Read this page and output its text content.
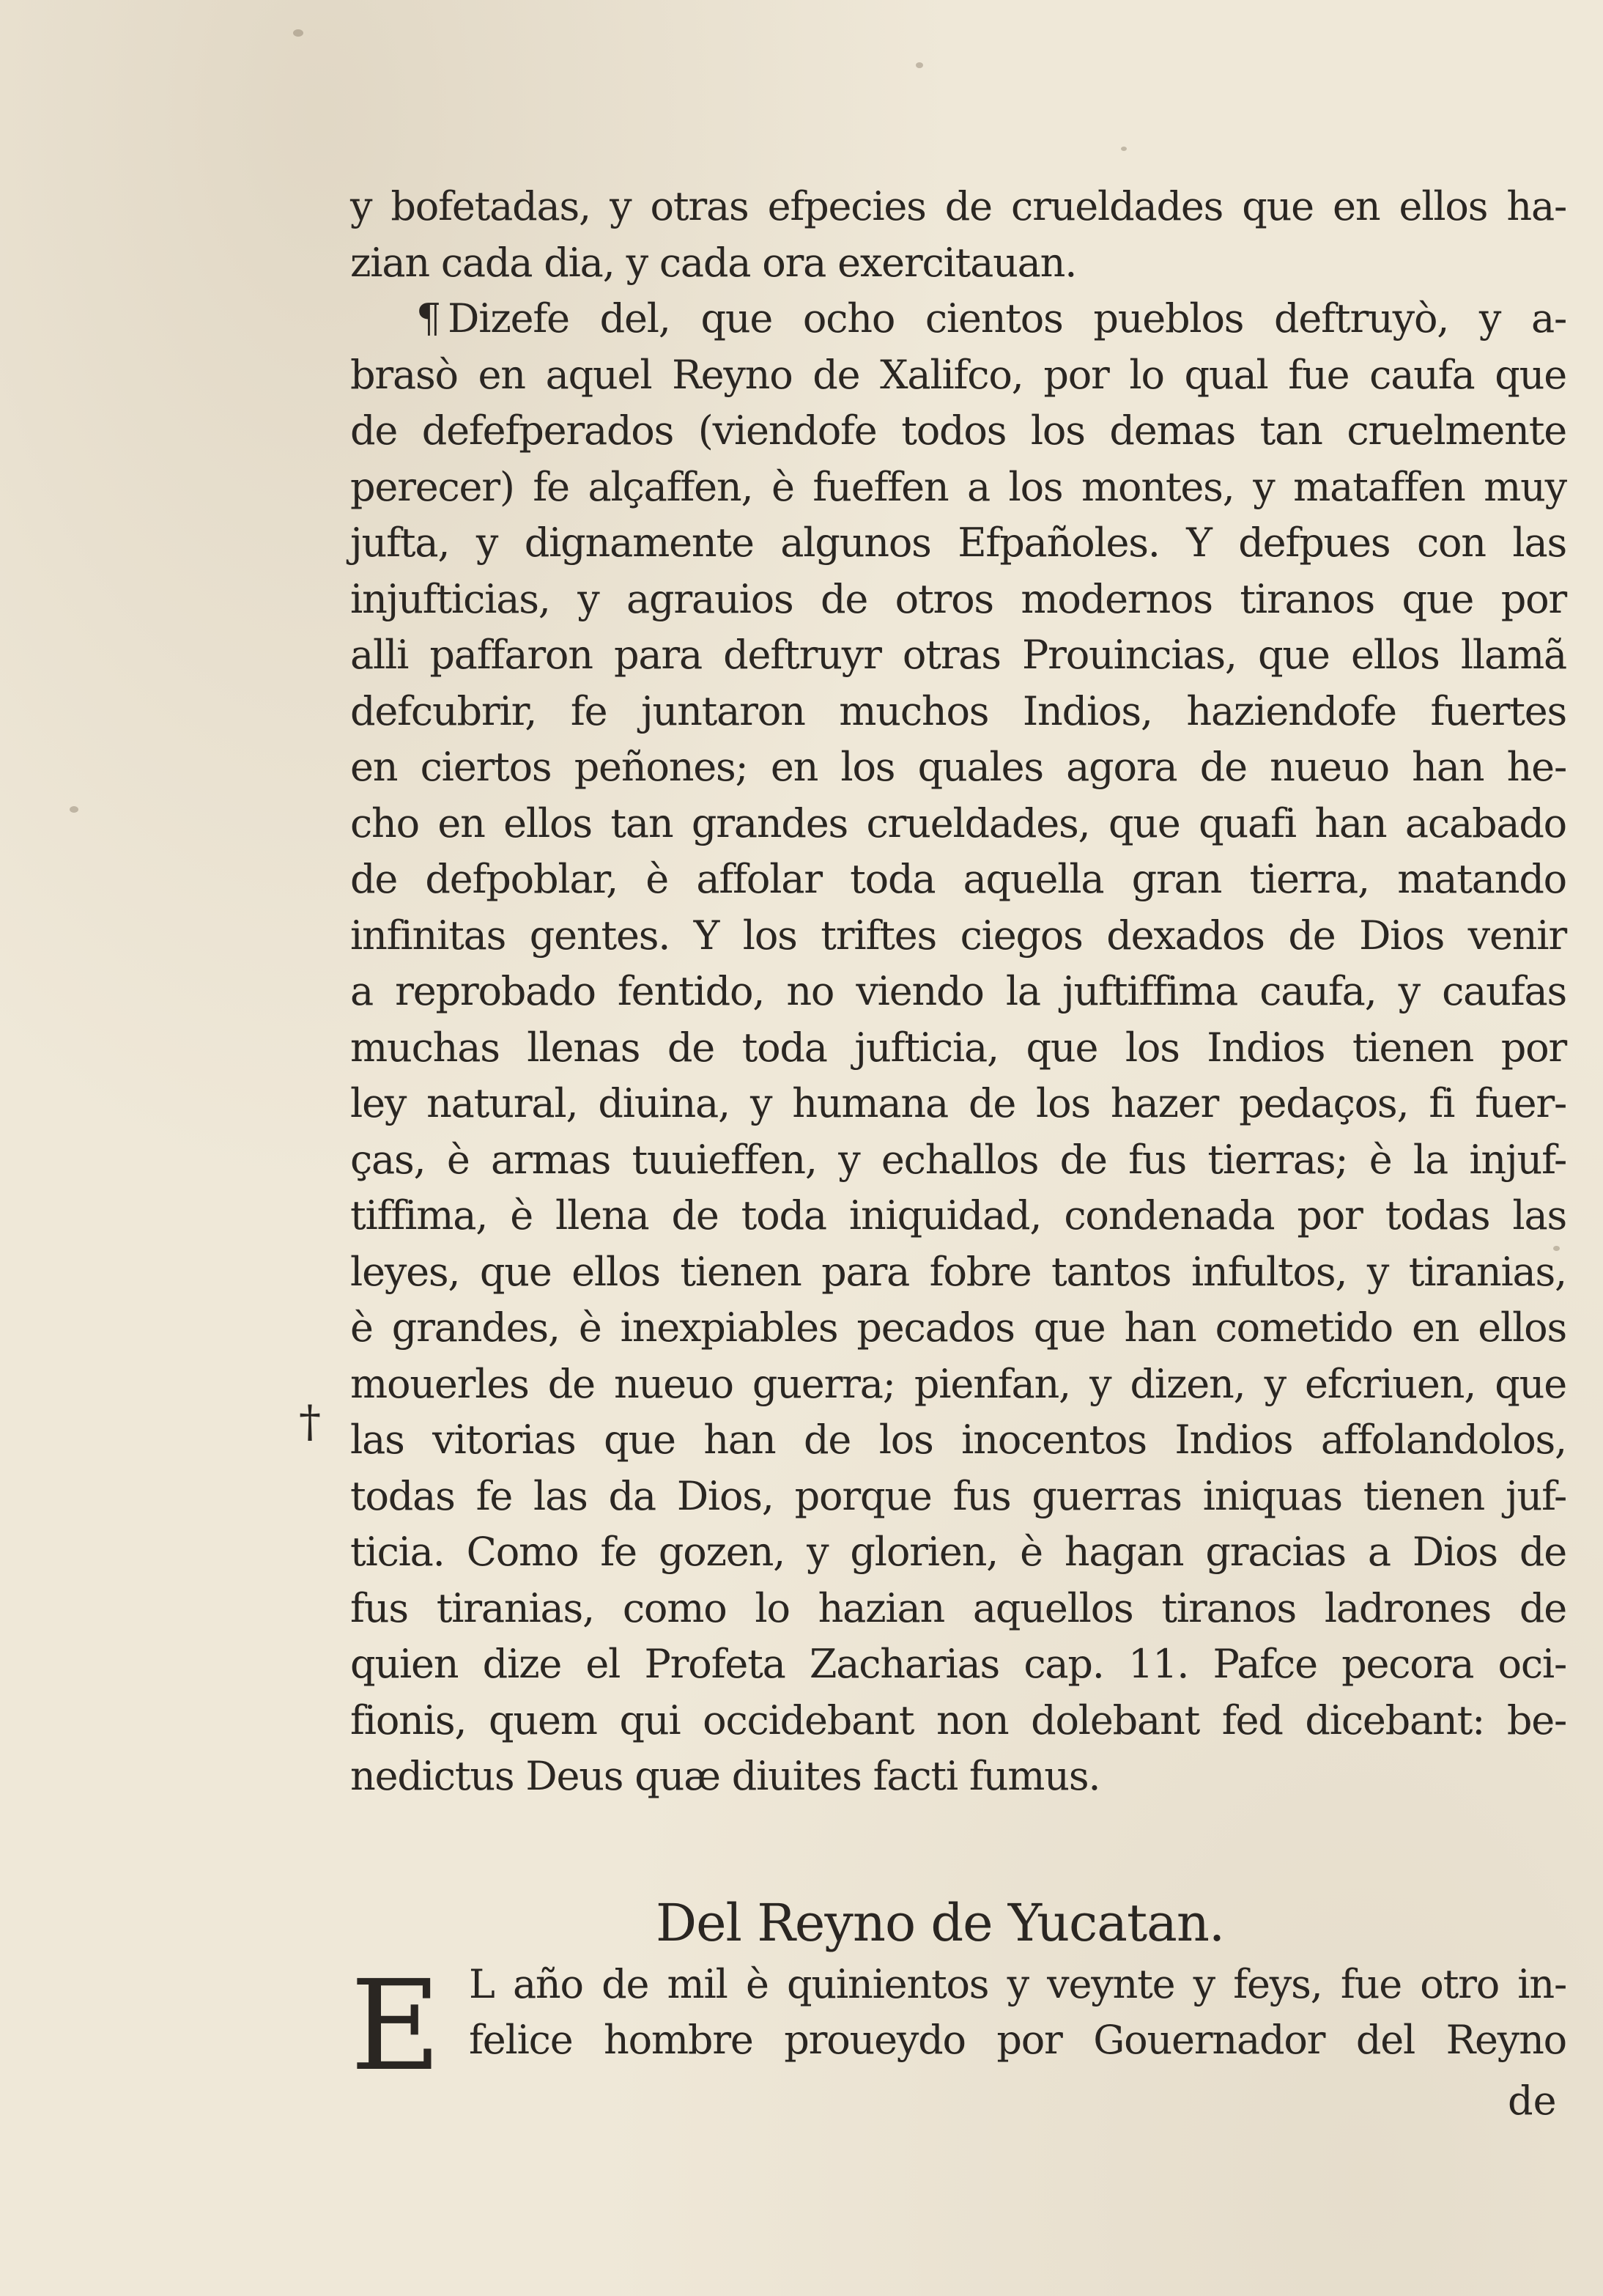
y bofetadas, y otras efpecies de crueldades que en ellos ha-
zian cada dia, y cada ora exercitauan.
¶ Dizefe del, que ocho cientos pueblos deftruyò, y a-
brasò en aquel Reyno de Xalifco, por lo qual fue caufa que
de defefperados (viendofe todos los demas tan cruelmente
perecer) fe alçaffen, è fueffen a los montes, y mataffen muy
jufta, y dignamente algunos Efpañoles. Y defpues con las
injufticias, y agrauios de otros modernos tiranos que por
alli paffaron para deftruyr otras Prouincias, que ellos llamã
defcubrir, fe juntaron muchos Indios, haziendofe fuertes
en ciertos peñones; en los quales agora de nueuo han he-
cho en ellos tan grandes crueldades, que quafi han acabado
de defpoblar, è affolar toda aquella gran tierra, matando
infinitas gentes. Y los triftes ciegos dexados de Dios venir
a reprobado fentido, no viendo la juftiffima caufa, y caufas
muchas llenas de toda jufticia, que los Indios tienen por
ley natural, diuina, y humana de los hazer pedaços, fi fuer-
ças, è armas tuuieffen, y echallos de fus tierras; è la injuf-
tiffima, è llena de toda iniquidad, condenada por todas las
leyes, que ellos tienen para fobre tantos infultos, y tiranias,
è grandes, è inexpiables pecados que han cometido en ellos
mouerles de nueuo guerra; pienfan, y dizen, y efcriuen, que
las vitorias que han de los inocentos Indios affolandolos,
todas fe las da Dios, porque fus guerras iniquas tienen juf-
ticia. Como fe gozen, y glorien, è hagan gracias a Dios de
fus tiranias, como lo hazian aquellos tiranos ladrones de
quien dize el Profeta Zacharias cap. 11. Pafce pecora oci-
fionis, quem qui occidebant non dolebant fed dicebant: be-
nedictus Deus quæ diuites facti fumus.
†
Del Reyno de Yucatan.
E L año de mil è quinientos y veynte y feys, fue otro in-
felice hombre proueydo por Gouernador del Reyno
de
